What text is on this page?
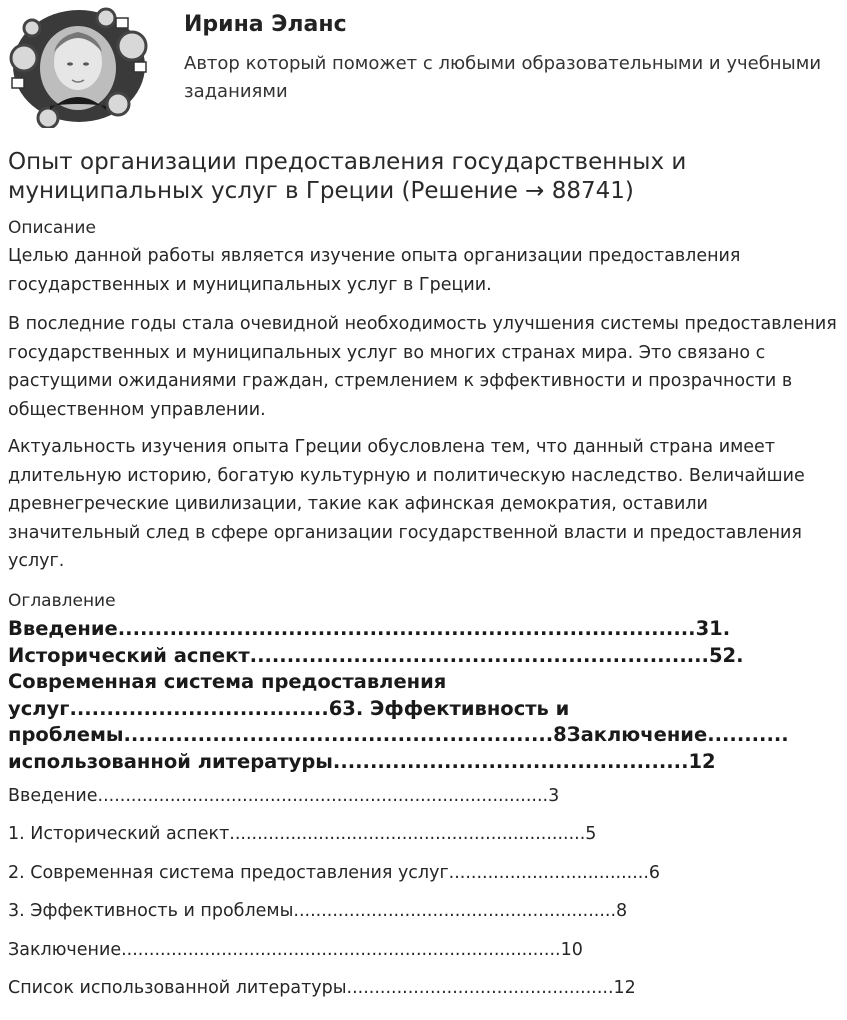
Ирина Эланс
Автор который поможет с любыми образовательными и учебными заданиями
Опыт организации предоставления государственных и муниципальных услуг в Греции (Решение → 88741)
Описание
Целью данной работы является изучение опыта организации предоставления государственных и муниципальных услуг в Греции.
В последние годы стала очевидной необходимость улучшения системы предоставления государственных и муниципальных услуг во многих странах мира. Это связано с растущими ожиданиями граждан, стремлением к эффективности и прозрачности в общественном управлении.
Актуальность изучения опыта Греции обусловлена тем, что данный страна имеет длительную историю, богатую культурную и политическую наследство. Величайшие древнегреческие цивилизации, такие как афинская демократия, оставили значительный след в сфере организации государственной власти и предоставления услуг.
Оглавление
Введение..............................................................................31.
Исторический аспект..............................................................52.
Современная система предоставления
услуг...................................63. Эффективность и
проблемы..........................................................8Заключение...........
использованной литературы................................................12
Введение.................................................................................3
1. Исторический аспект................................................................5
2. Современная система предоставления услуг....................................6
3. Эффективность и проблемы..........................................................8
Заключение...............................................................................10
Список использованной литературы................................................12
